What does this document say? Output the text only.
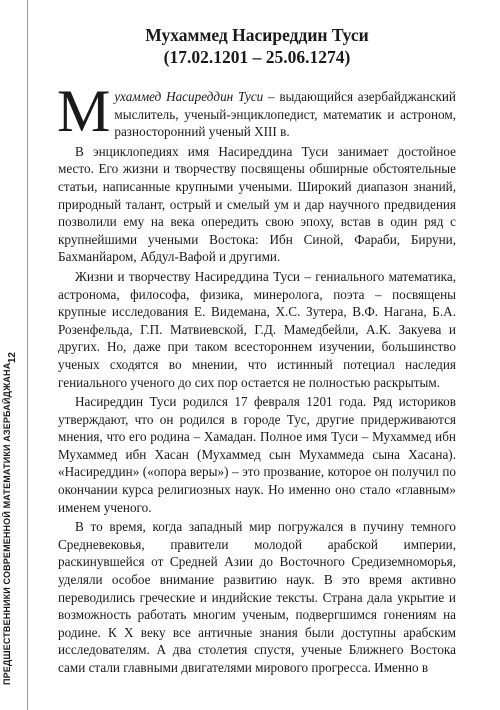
ПРЕДШЕСТВЕННИКИ СОВРЕМЕННОЙ МАТЕМАТИКИ АЗЕРБАЙДЖАНА
12
Мухаммед Насиреддин Туси
(17.02.1201 – 25.06.1274)

Мухаммед Насиреддин Туси – выдающийся азербайджанский мыслитель, ученый-энциклопедист, математик и астроном, разносторонний ученый XIII в.

В энциклопедиях имя Насиреддина Туси занимает достойное место. Его жизни и творчеству посвящены обширные обстоятельные статьи, написанные крупными учеными. Широкий диапазон знаний, природный талант, острый и смелый ум и дар научного предвидения позволили ему на века опередить свою эпоху, встав в один ряд с крупнейшими учеными Востока: Ибн Синой, Фараби, Бируни, Бахманйаром, Абдул-Вафой и другими.

Жизни и творчеству Насиреддина Туси – гениального математика, астронома, философа, физика, минеролога, поэта – посвящены крупные исследования Е. Видемана, Х.С. Зутера, В.Ф. Нагана, Б.А. Розенфельда, Г.П. Матвиевской, Г.Д. Мамедбейли, А.К. Закуева и других. Но, даже при таком всестороннем изучении, большинство ученых сходятся во мнении, что истинный потециал наследия гениального ученого до сих пор остается не полностью раскрытым.

Насиреддин Туси родился 17 февраля 1201 года. Ряд историков утверждают, что он родился в городе Тус, другие придерживаются мнения, что его родина – Хамадан. Полное имя Туси – Мухаммед ибн Мухаммед ибн Хасан (Мухаммед сын Мухаммеда сына Хасана). «Насиреддин» («опора веры») – это прозвание, которое он получил по окончании курса религиозных наук. Но именно оно стало «главным» именем ученого.

В то время, когда западный мир погружался в пучину темного Средневековья, правители молодой арабской империи, раскинувшейся от Средней Азии до Восточного Средиземноморья, уделяли особое внимание развитию наук. В это время активно переводились греческие и индийские тексты. Страна дала укрытие и возможность работать многим ученым, подвергшимся гонениям на родине. К X веку все античные знания были доступны арабским исследователям. А два столетия спустя, ученые Ближнего Востока сами стали главными двигателями мирового прогресса. Именно в
